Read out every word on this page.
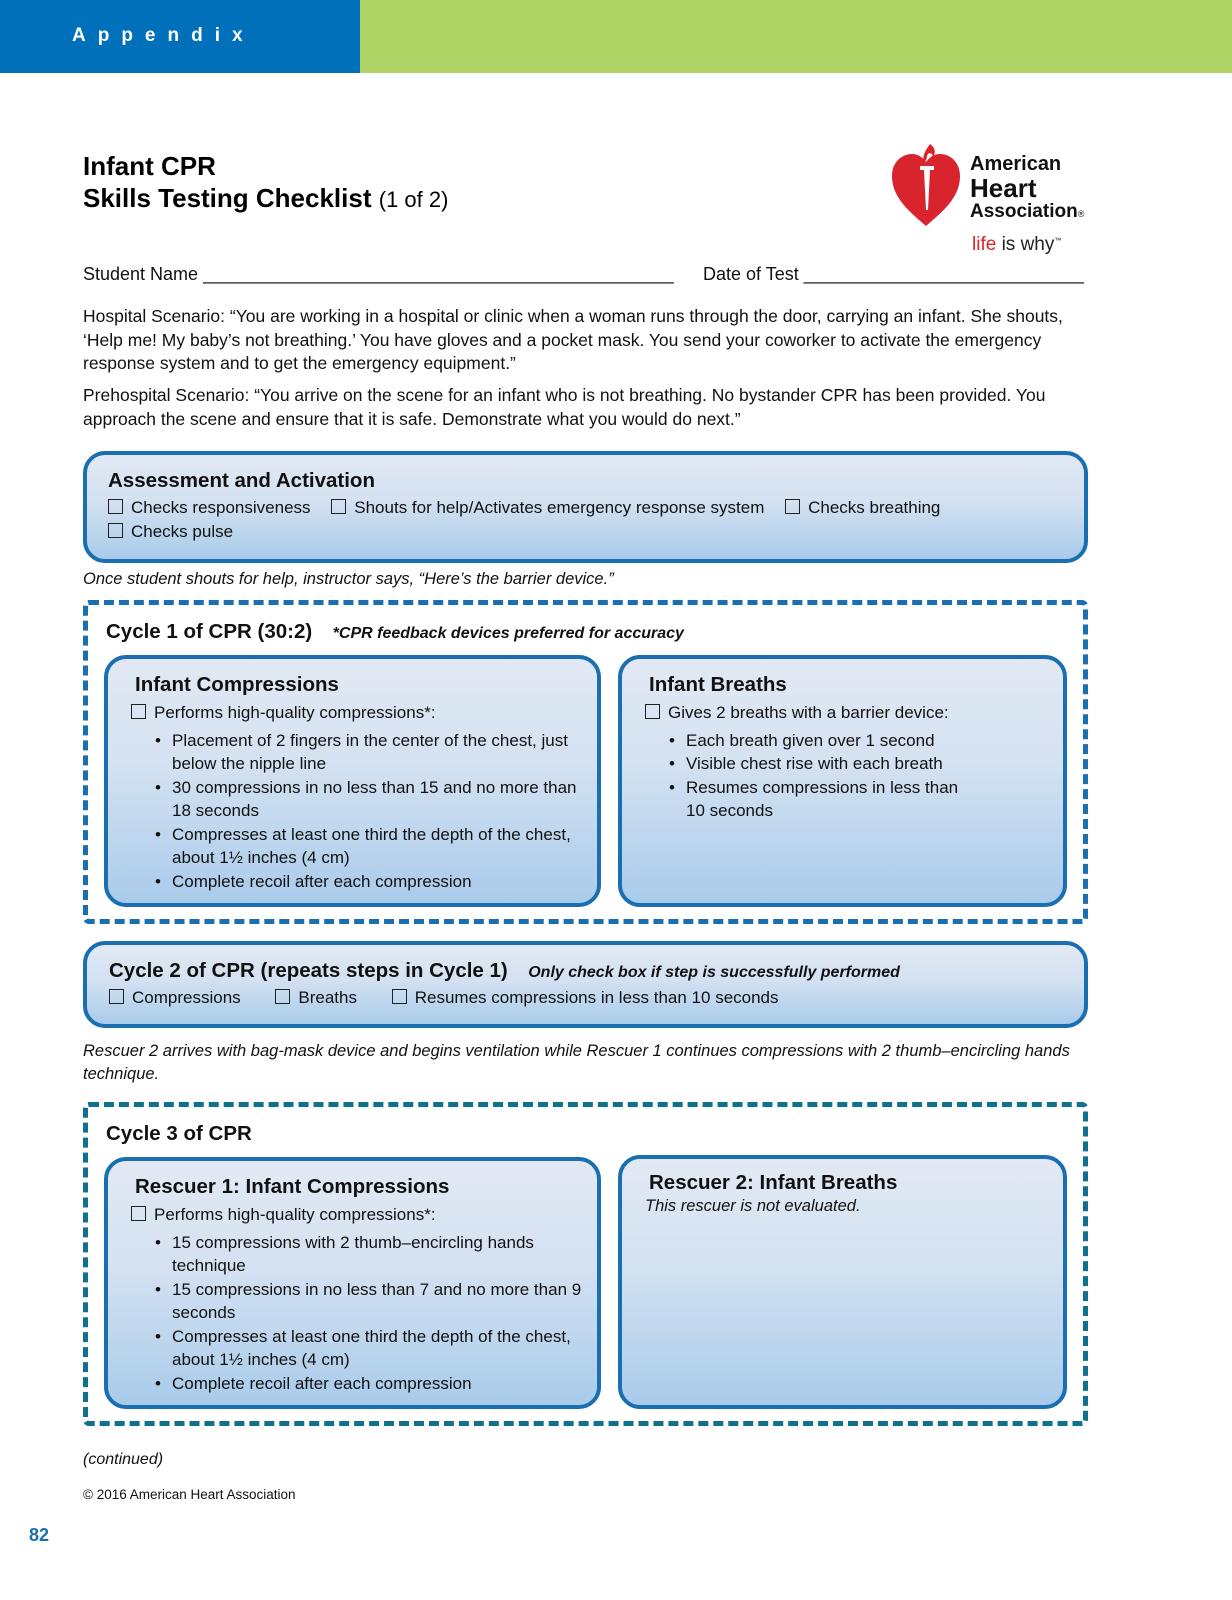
Appendix
Infant CPR
Skills Testing Checklist (1 of 2)
American
Heart
Association®
life is why™
Student Name _______________________________________________ Date of Test ____________________________

Hospital Scenario: “You are working in a hospital or clinic when a woman runs through the door, carrying an infant. She shouts, ‘Help me! My baby’s not breathing.’ You have gloves and a pocket mask. You send your coworker to activate the emergency response system and to get the emergency equipment.”

Prehospital Scenario: “You arrive on the scene for an infant who is not breathing. No bystander CPR has been provided. You approach the scene and ensure that it is safe. Demonstrate what you would do next.”

Assessment and Activation
Checks responsiveness	Shouts for help/Activates emergency response system	Checks breathing
Checks pulse
Once student shouts for help, instructor says, “Here’s the barrier device.”
Cycle 1 of CPR (30:2) *CPR feedback devices preferred for accuracy
Infant Compressions
Performs high-quality compressions*:
• Placement of 2 fingers in the center of the chest, just below the nipple line
• 30 compressions in no less than 15 and no more than 18 seconds
• Compresses at least one third the depth of the chest, about 1½ inches (4 cm)
• Complete recoil after each compression
Infant Breaths
Gives 2 breaths with a barrier device:
• Each breath given over 1 second
• Visible chest rise with each breath
• Resumes compressions in less than 10 seconds
Cycle 2 of CPR (repeats steps in Cycle 1) Only check box if step is successfully performed
Compressions	Breaths	Resumes compressions in less than 10 seconds
Rescuer 2 arrives with bag-mask device and begins ventilation while Rescuer 1 continues compressions with 2 thumb–encircling hands technique.
Cycle 3 of CPR
Rescuer 1: Infant Compressions
Performs high-quality compressions*:
• 15 compressions with 2 thumb–encircling hands technique
• 15 compressions in no less than 7 and no more than 9 seconds
• Compresses at least one third the depth of the chest, about 1½ inches (4 cm)
• Complete recoil after each compression
Rescuer 2: Infant Breaths
This rescuer is not evaluated.
(continued)
© 2016 American Heart Association
82
